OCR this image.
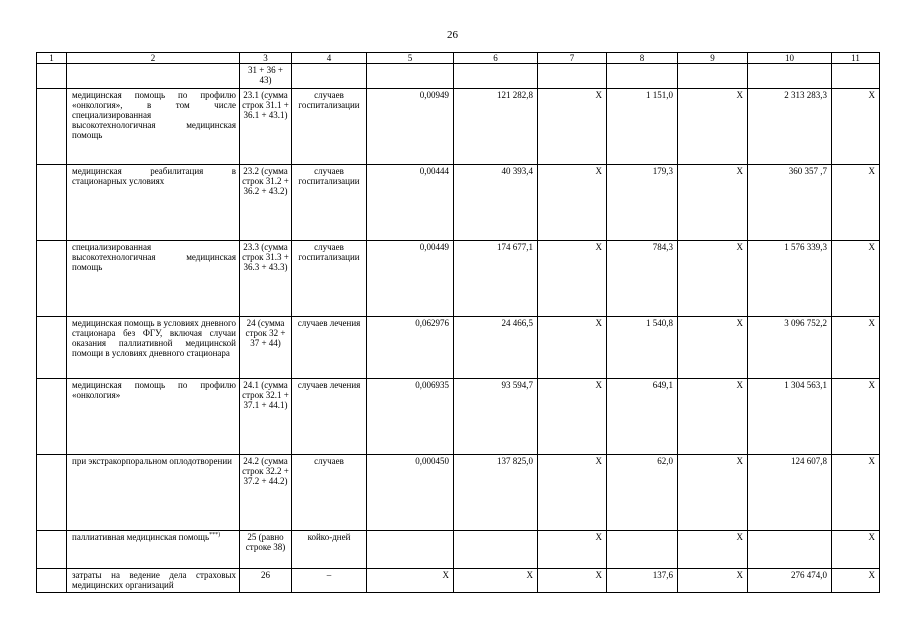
26
1	2	3	4	5	6	7	8	9	10	11
		31 + 36 + 43)								
	медицинская помощь по профилю «онкология», в том числе специализированная высокотехнологичная медицинская помощь	23.1 (сумма строк 31.1 + 36.1 + 43.1)	случаев госпитализации	0,00949	121 282,8	X	1 151,0	X	2 313 283,3	X
	медицинская реабилитация в стационарных условиях	23.2 (сумма строк 31.2 + 36.2 + 43.2)	случаев госпитализации	0,00444	40 393,4	X	179,3	X	360 357 ,7	X
	специализированная высокотехнологичная медицинская помощь	23.3 (сумма строк 31.3 + 36.3 + 43.3)	случаев госпитализации	0,00449	174 677,1	X	784,3	X	1 576 339,3	X
	медицинская помощь в условиях дневного стационара без ФГУ, включая случаи оказания паллиативной медицинской помощи в условиях дневного стационара	24 (сумма строк 32 + 37 + 44)	случаев лечения	0,062976	24 466,5	X	1 540,8	X	3 096 752,2	X
	медицинская помощь по профилю «онкология»	24.1 (сумма строк 32.1 + 37.1 + 44.1)	случаев лечения	0,006935	93 594,7	X	649,1	X	1 304 563,1	X
	при экстракорпоральном оплодотворении	24.2 (сумма строк 32.2 + 37.2 + 44.2)	случаев	0,000450	137 825,0	X	62,0	X	124 607,8	X
	паллиативная медицинская помощь***)	25 (равно строке 38)	койко-дней			X		X		X
	затраты на ведение дела страховых медицинских организаций	26	–	X	X	X	137,6	X	276 474,0	X
